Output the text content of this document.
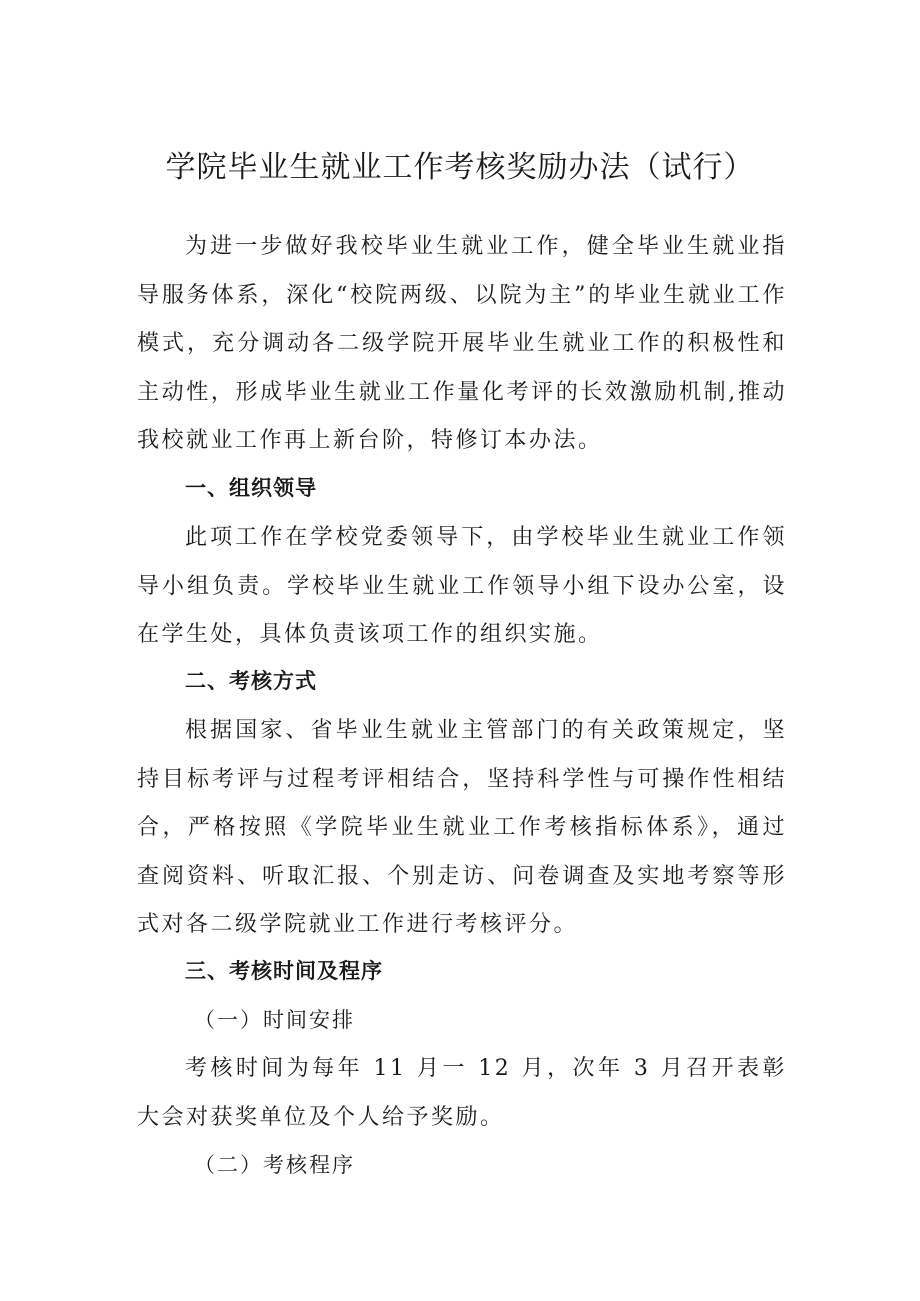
学院毕业生就业工作考核奖励办法（试行）
为进一步做好我校毕业生就业工作，健全毕业生就业指导服务体系，深化“校院两级、以院为主”的毕业生就业工作模式，充分调动各二级学院开展毕业生就业工作的积极性和主动性，形成毕业生就业工作量化考评的长效激励机制,推动我校就业工作再上新台阶，特修订本办法。
一、组织领导
此项工作在学校党委领导下，由学校毕业生就业工作领导小组负责。学校毕业生就业工作领导小组下设办公室，设在学生处，具体负责该项工作的组织实施。
二、考核方式
根据国家、省毕业生就业主管部门的有关政策规定，坚持目标考评与过程考评相结合，坚持科学性与可操作性相结合，严格按照《学院毕业生就业工作考核指标体系》，通过查阅资料、听取汇报、个别走访、问卷调查及实地考察等形式对各二级学院就业工作进行考核评分。
三、考核时间及程序
（一）时间安排
考核时间为每年 11 月一 12 月，次年 3 月召开表彰大会对获奖单位及个人给予奖励。
（二）考核程序
